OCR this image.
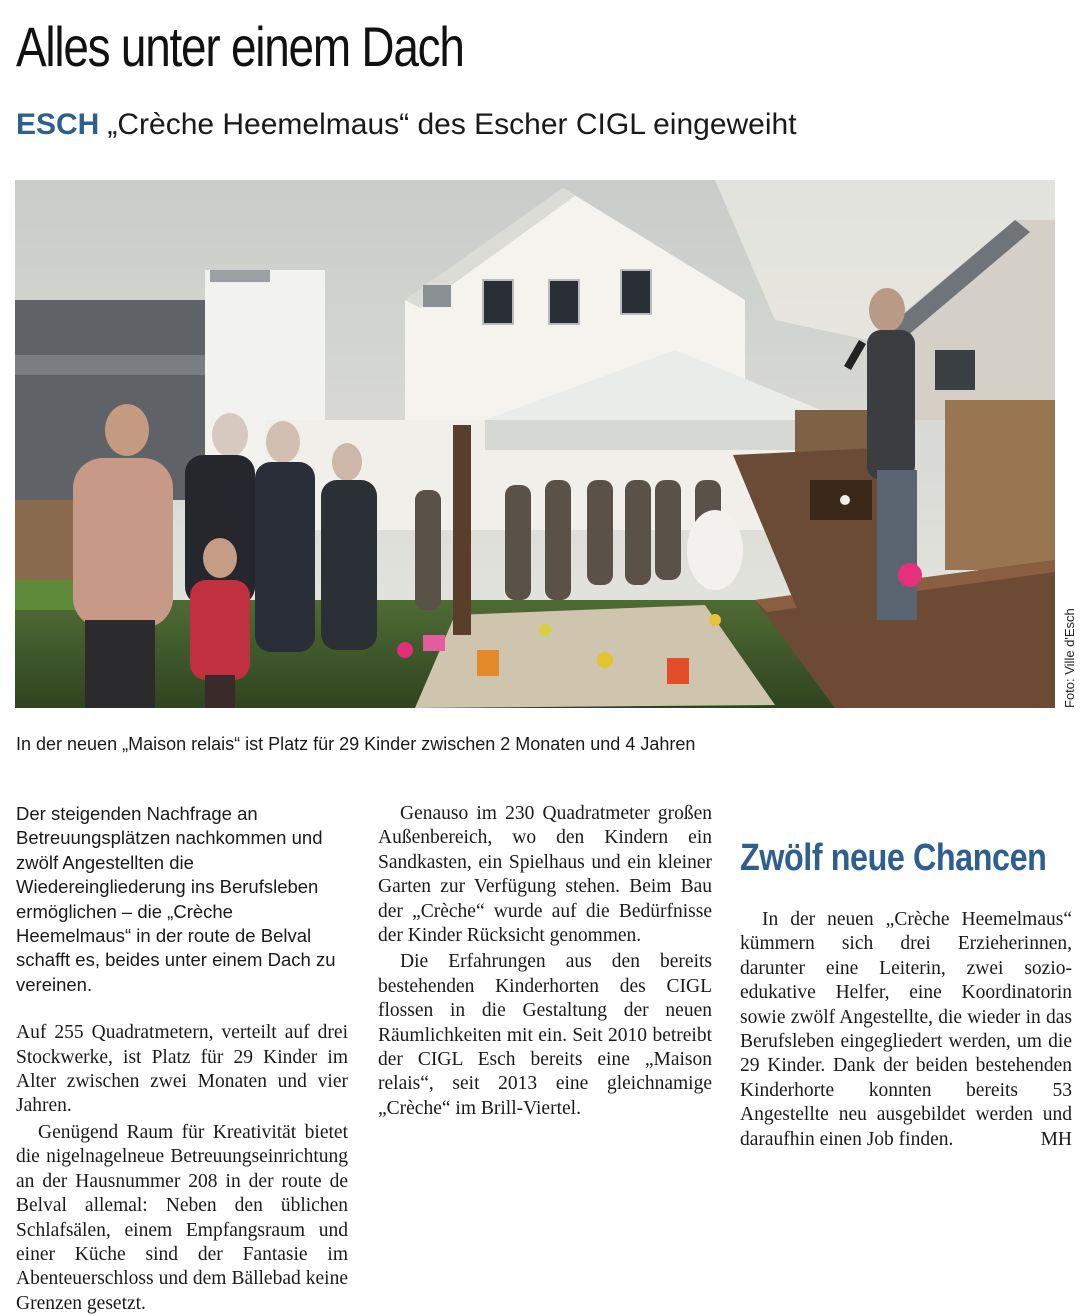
Alles unter einem Dach
ESCH „Crèche Heemelmaus“ des Escher CIGL eingeweiht
Foto: Ville d'Esch
In der neuen „Maison relais“ ist Platz für 29 Kinder zwischen 2 Monaten und 4 Jahren

Der steigenden Nachfrage an Betreuungsplätzen nachkommen und zwölf Angestellten die Wiedereingliederung ins Berufsleben ermöglichen – die „Crèche Heemelmaus“ in der route de Belval schafft es, beides unter einem Dach zu vereinen.

Auf 255 Quadratmetern, verteilt auf drei Stockwerke, ist Platz für 29 Kinder im Alter zwischen zwei Monaten und vier Jahren.

Genügend Raum für Kreativität bietet die nigelnagelneue Betreuungseinrichtung an der Hausnummer 208 in der route de Belval allemal: Neben den üblichen Schlafsälen, einem Empfangsraum und einer Küche sind der Fantasie im Abenteuerschloss und dem Bällebad keine Grenzen gesetzt.

Genauso im 230 Quadratmeter großen Außenbereich, wo den Kindern ein Sandkasten, ein Spielhaus und ein kleiner Garten zur Verfügung stehen. Beim Bau der „Crèche“ wurde auf die Bedürfnisse der Kinder Rücksicht genommen.

Die Erfahrungen aus den bereits bestehenden Kinderhorten des CIGL flossen in die Gestaltung der neuen Räumlichkeiten mit ein. Seit 2010 betreibt der CIGL Esch bereits eine „Maison relais“, seit 2013 eine gleichnamige „Crèche“ im Brill-Viertel.

Zwölf neue Chancen

In der neuen „Crèche Heemelmaus“ kümmern sich drei Erzieherinnen, darunter eine Leiterin, zwei sozio-edukative Helfer, eine Koordinatorin sowie zwölf Angestellte, die wieder in das Berufsleben eingegliedert werden, um die 29 Kinder. Dank der beiden bestehenden Kinderhorte konnten bereits 53 Angestellte neu ausgebildet werden und daraufhin einen Job finden.	MH
